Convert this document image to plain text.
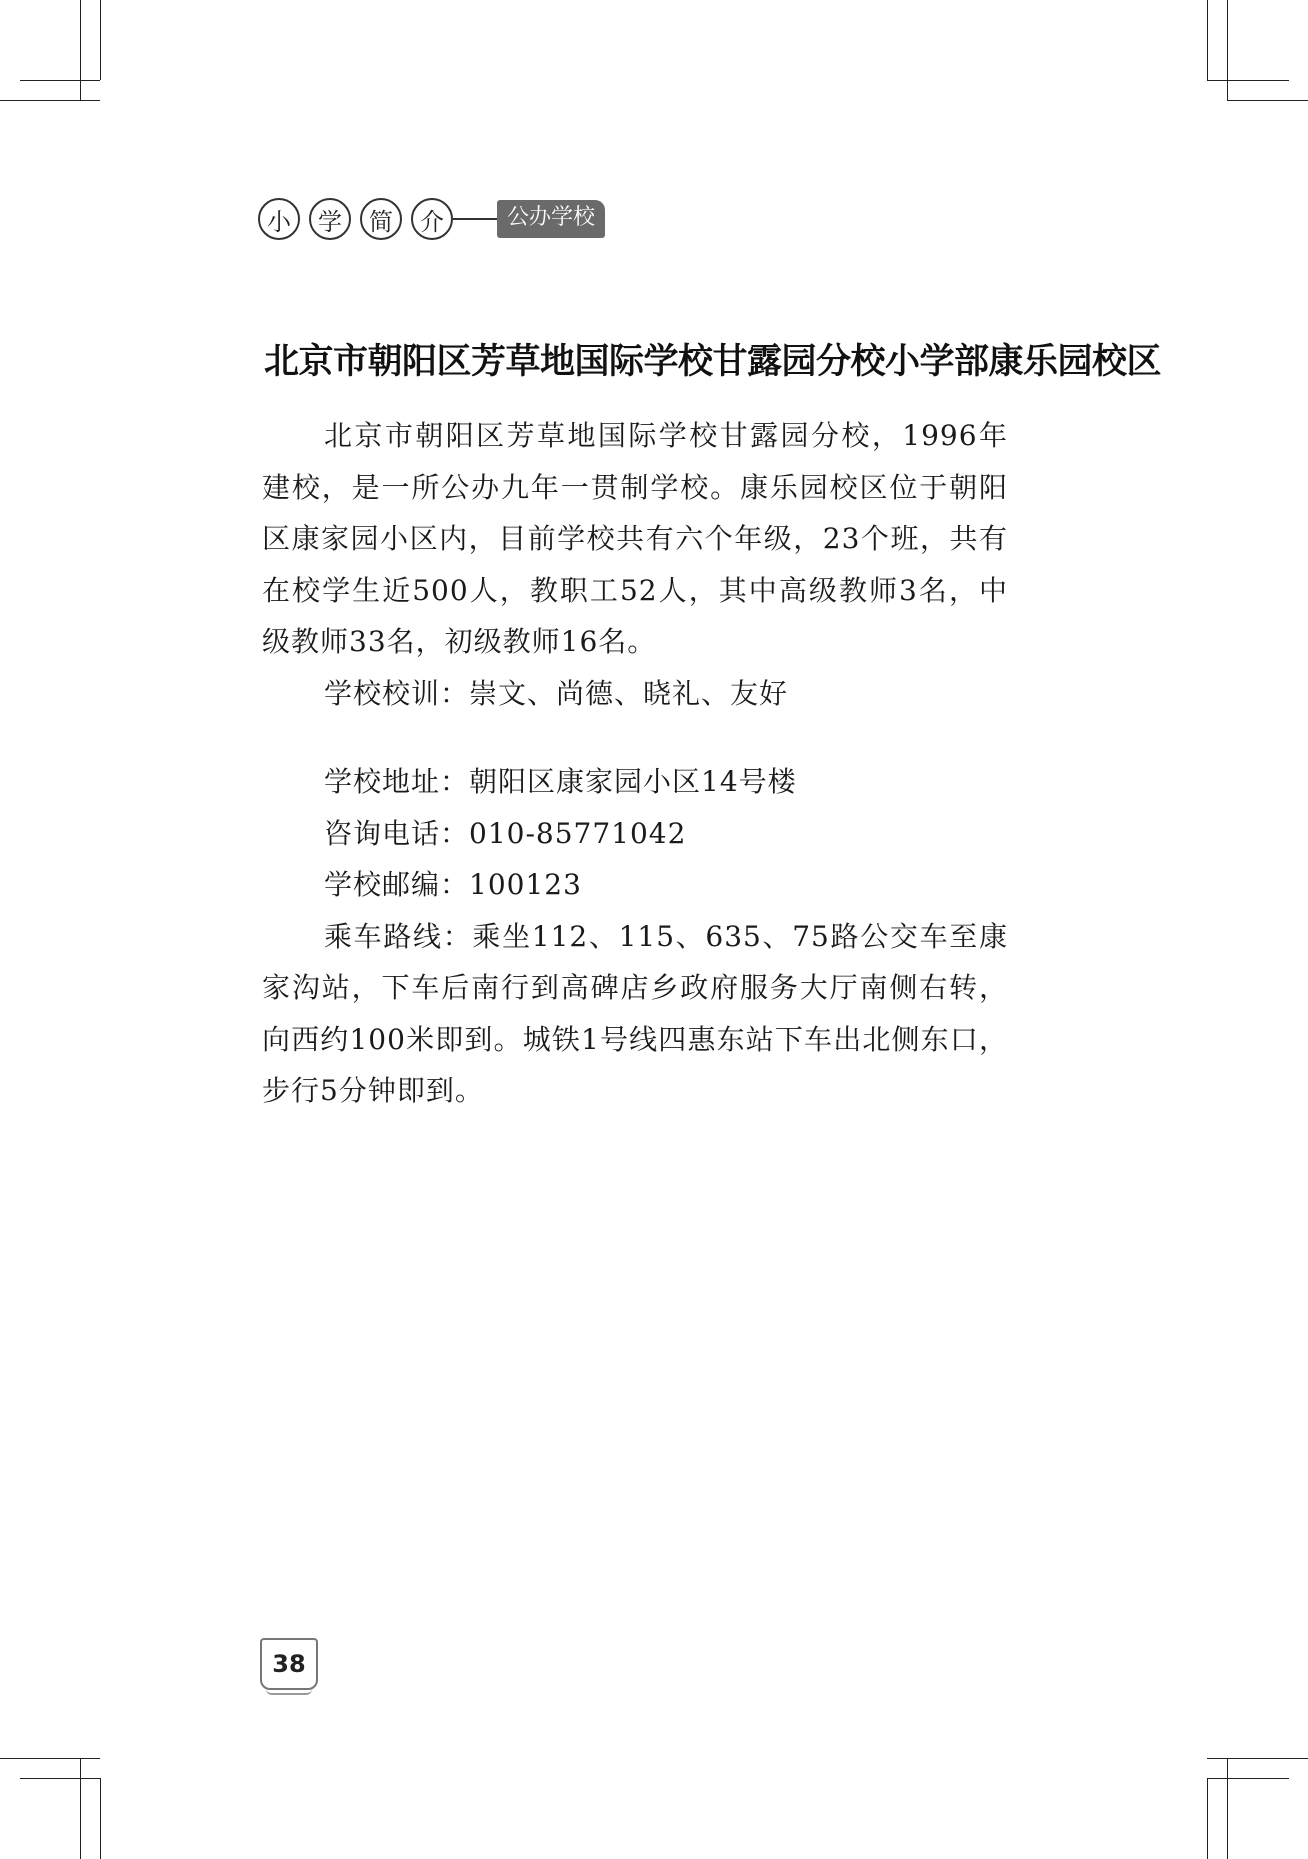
小	学	简	介	公办学校
北京市朝阳区芳草地国际学校甘露园分校小学部康乐园校区

北京市朝阳区芳草地国际学校甘露园分校，1996年建校，是一所公办九年一贯制学校。康乐园校区位于朝阳区康家园小区内，目前学校共有六个年级，23个班，共有在校学生近500人，教职工52人，其中高级教师3名，中级教师33名，初级教师16名。

学校校训：崇文、尚德、晓礼、友好

学校地址：朝阳区康家园小区14号楼

咨询电话：010-85771042

学校邮编：100123

乘车路线：乘坐112、115、635、75路公交车至康家沟站，下车后南行到高碑店乡政府服务大厅南侧右转，向西约100米即到。城铁1号线四惠东站下车出北侧东口，步行5分钟即到。

38
